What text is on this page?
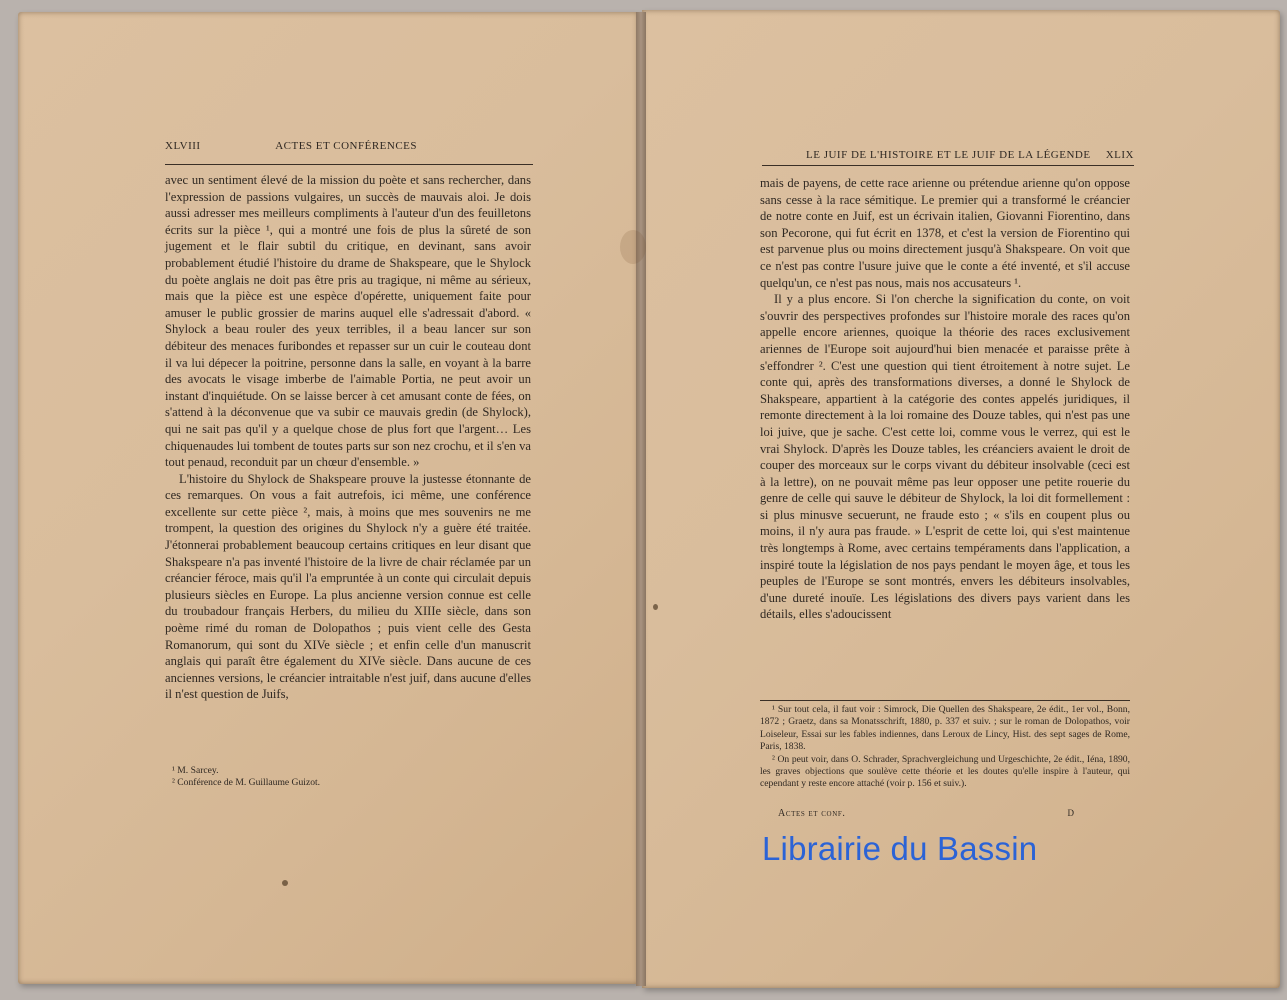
XLVIII	ACTES ET CONFÉRENCES

avec un sentiment élevé de la mission du poète et sans rechercher, dans l'expression de passions vulgaires, un succès de mauvais aloi. Je dois aussi adresser mes meilleurs compliments à l'auteur d'un des feuilletons écrits sur la pièce ¹, qui a montré une fois de plus la sûreté de son jugement et le flair subtil du critique, en devinant, sans avoir probablement étudié l'histoire du drame de Shakspeare, que le Shylock du poète anglais ne doit pas être pris au tragique, ni même au sérieux, mais que la pièce est une espèce d'opérette, uniquement faite pour amuser le public grossier de marins auquel elle s'adressait d'abord. « Shylock a beau rouler des yeux terribles, il a beau lancer sur son débiteur des menaces furibondes et repasser sur un cuir le couteau dont il va lui dépecer la poitrine, personne dans la salle, en voyant à la barre des avocats le visage imberbe de l'aimable Portia, ne peut avoir un instant d'inquiétude. On se laisse bercer à cet amusant conte de fées, on s'attend à la déconvenue que va subir ce mauvais gredin (de Shylock), qui ne sait pas qu'il y a quelque chose de plus fort que l'argent… Les chiquenaudes lui tombent de toutes parts sur son nez crochu, et il s'en va tout penaud, reconduit par un chœur d'ensemble. »

L'histoire du Shylock de Shakspeare prouve la justesse étonnante de ces remarques. On vous a fait autrefois, ici même, une conférence excellente sur cette pièce ², mais, à moins que mes souvenirs ne me trompent, la question des origines du Shylock n'y a guère été traitée. J'étonnerai probablement beaucoup certains critiques en leur disant que Shakspeare n'a pas inventé l'histoire de la livre de chair réclamée par un créancier féroce, mais qu'il l'a empruntée à un conte qui circulait depuis plusieurs siècles en Europe. La plus ancienne version connue est celle du troubadour français Herbers, du milieu du XIIIe siècle, dans son poème rimé du roman de Dolopathos ; puis vient celle des Gesta Romanorum, qui sont du XIVe siècle ; et enfin celle d'un manuscrit anglais qui paraît être également du XIVe siècle. Dans aucune de ces anciennes versions, le créancier intraitable n'est juif, dans aucune d'elles il n'est question de Juifs,

¹ M. Sarcey.

² Conférence de M. Guillaume Guizot.

LE JUIF DE L'HISTOIRE ET LE JUIF DE LA LÉGENDE XLIX

mais de payens, de cette race arienne ou prétendue arienne qu'on oppose sans cesse à la race sémitique. Le premier qui a transformé le créancier de notre conte en Juif, est un écrivain italien, Giovanni Fiorentino, dans son Pecorone, qui fut écrit en 1378, et c'est la version de Fiorentino qui est parvenue plus ou moins directement jusqu'à Shakspeare. On voit que ce n'est pas contre l'usure juive que le conte a été inventé, et s'il accuse quelqu'un, ce n'est pas nous, mais nos accusateurs ¹.

Il y a plus encore. Si l'on cherche la signification du conte, on voit s'ouvrir des perspectives profondes sur l'histoire morale des races qu'on appelle encore ariennes, quoique la théorie des races exclusivement ariennes de l'Europe soit aujourd'hui bien menacée et paraisse prête à s'effondrer ². C'est une question qui tient étroitement à notre sujet. Le conte qui, après des transformations diverses, a donné le Shylock de Shakspeare, appartient à la catégorie des contes appelés juridiques, il remonte directement à la loi romaine des Douze tables, qui n'est pas une loi juive, que je sache. C'est cette loi, comme vous le verrez, qui est le vrai Shylock. D'après les Douze tables, les créanciers avaient le droit de couper des morceaux sur le corps vivant du débiteur insolvable (ceci est à la lettre), on ne pouvait même pas leur opposer une petite rouerie du genre de celle qui sauve le débiteur de Shylock, la loi dit formellement : si plus minusve secuerunt, ne fraude esto ; « s'ils en coupent plus ou moins, il n'y aura pas fraude. » L'esprit de cette loi, qui s'est maintenue très longtemps à Rome, avec certains tempéraments dans l'application, a inspiré toute la législation de nos pays pendant le moyen âge, et tous les peuples de l'Europe se sont montrés, envers les débiteurs insolvables, d'une dureté inouïe. Les législations des divers pays varient dans les détails, elles s'adoucissent

¹ Sur tout cela, il faut voir : Simrock, Die Quellen des Shakspeare, 2e édit., 1er vol., Bonn, 1872 ; Graetz, dans sa Monatsschrift, 1880, p. 337 et suiv. ; sur le roman de Dolopathos, voir Loiseleur, Essai sur les fables indiennes, dans Leroux de Lincy, Hist. des sept sages de Rome, Paris, 1838.

² On peut voir, dans O. Schrader, Sprachvergleichung und Urgeschichte, 2e édit., Iéna, 1890, les graves objections que soulève cette théorie et les doutes qu'elle inspire à l'auteur, qui cependant y reste encore attaché (voir p. 156 et suiv.).

Actes et conf.	D
Librairie du Bassin
